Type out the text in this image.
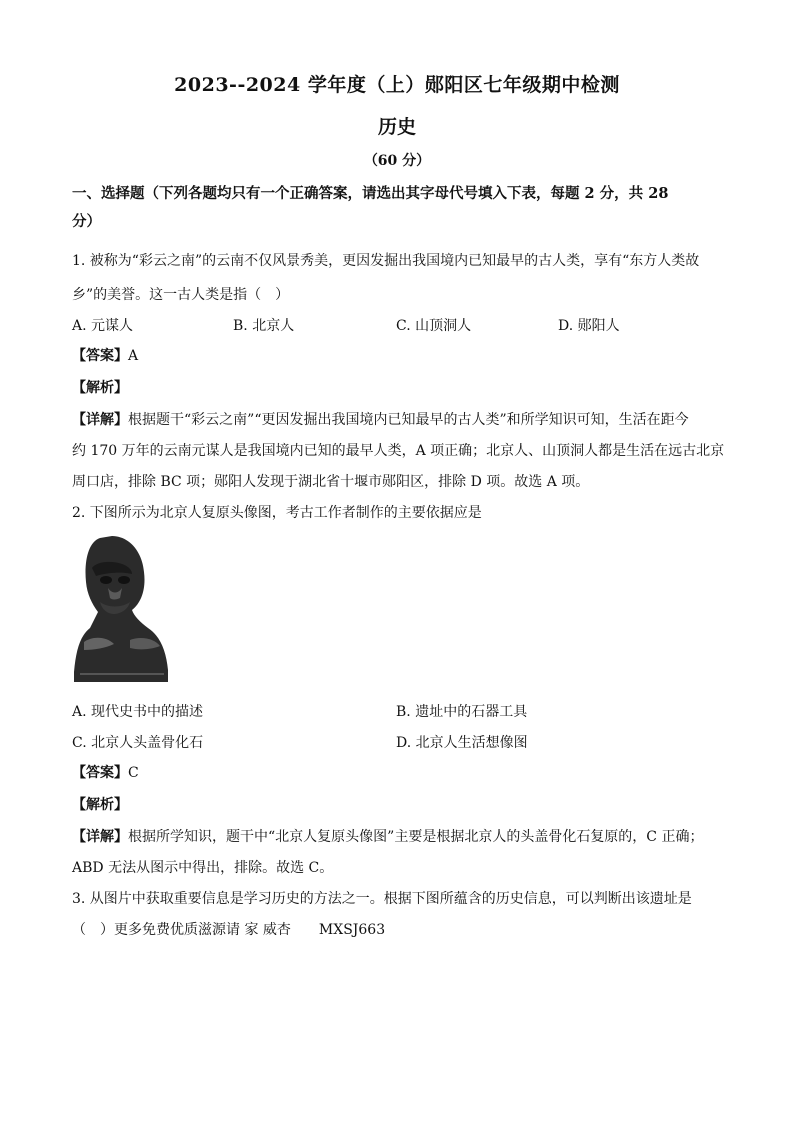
2023--2024 学年度（上）郧阳区七年级期中检测
历史
（60 分）
一、选择题（下列各题均只有一个正确答案，请选出其字母代号填入下表，每题 2 分，共 28
分）
1. 被称为“彩云之南”的云南不仅风景秀美，更因发掘出我国境内已知最早的古人类，享有“东方人类故
乡”的美誉。这一古人类是指（　）
A. 元谋人	B. 北京人	C. 山顶洞人	D. 郧阳人
【答案】A
【解析】
【详解】根据题干“彩云之南”“更因发掘出我国境内已知最早的古人类”和所学知识可知，生活在距今
约 170 万年的云南元谋人是我国境内已知的最早人类，A 项正确；北京人、山顶洞人都是生活在远古北京
周口店，排除 BC 项；郧阳人发现于湖北省十堰市郧阳区，排除 D 项。故选 A 项。
2. 下图所示为北京人复原头像图，考古工作者制作的主要依据应是
A. 现代史书中的描述	B. 遗址中的石器工具
C. 北京人头盖骨化石	D. 北京人生活想像图
【答案】C
【解析】
【详解】根据所学知识，题干中“北京人复原头像图”主要是根据北京人的头盖骨化石复原的，C 正确；
ABD 无法从图示中得出，排除。故选 C。
3. 从图片中获取重要信息是学习历史的方法之一。根据下图所蕴含的历史信息，可以判断出该遗址是
（　）更多免费优质滋源请 家 威杏　　MXSJ663
